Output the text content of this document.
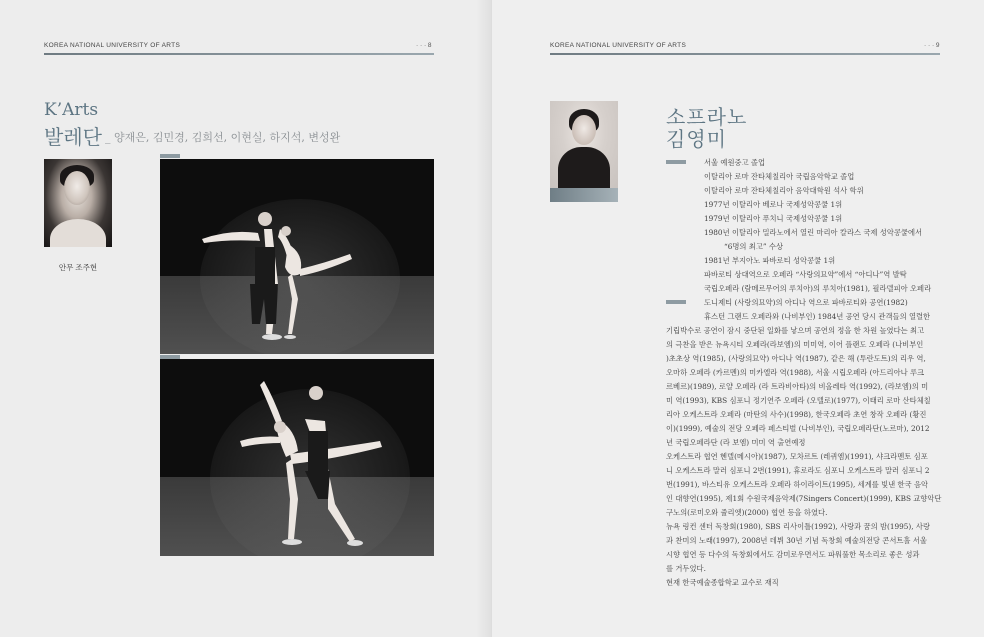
KOREA NATIONAL UNIVERSITY OF ARTS	· · · 8
K’Arts
발레단 _ 양재은, 김민경, 김희선, 이현실, 하지석, 변성완
안무 조주현
KOREA NATIONAL UNIVERSITY OF ARTS	· · · 9
소프라노
김영미
서울 예원중고 졸업
이탈리아 로마 잔타체칠리아 국립음악학교 졸업
이탈리아 로마 잔타체칠리아 음악대학원 석사 학위
1977년 이탈리아 베로나 국제성악콩쿨 1위
1979년 이탈리아 푸치니 국제성악콩쿨 1위
1980년 이탈리아 밀라노에서 열린 마리아 칼라스 국제 성악콩쿨에서
“6명의 최고” 수상
1981년 부지아노 파바로티 성악콩쿨 1위
파바로티 상대역으로 오페라 “사랑의묘약”에서 “아디나”역 발탁
국립오페라 (람메르무어의 루치아)의 루치아(1981), 필라델피아 오페라
도니제티 (사랑의묘약)의 아디나 역으로 파바로티와 공연(1982)
휴스턴 그랜드 오페라와 (나비부인) 1984년 공연 당시 관객들의 열렬한
기립박수로 공연이 잠시 중단된 일화를 낳으며 공연의 정을 한 차원 높였다는 최고
의 극찬을 받은 뉴욕시티 오페라(라보엠)의 미미역, 이어 플랜도 오페라 (나비부인
)초초상 역(1985), (사랑의묘약) 아디나 역(1987), 같은 해 (투란도트)의 리우 역,
오마하 오페라 (카르멘)의 미카엘라 역(1988), 서울 시립오페라 (아드리아나 루크
르베르)(1989), 로얄 오페라 (라 트라비아타)의 비올레타 역(1992), (라보엠)의 미
미 역(1993), KBS 심포니 정기연주 오페라 (오텔로)(1977), 이태리 로마 산타체칠
리아 오케스트라 오페라 (마탄의 사수)(1998), 한국오페라 초연 창작 오페라 (황진
이)(1999), 예술의 전당 오페라 페스티벌 (나비부인), 국립오페라단(노르마), 2012
년 국립오페라단 (라 보엠) 미미 역 출연예정
오케스트라 협연 헨델(메시아)(1987), 모차르트 (레퀴엠)(1991), 샤크라멘토 심포
니 오케스트라 말러 심포니 2번(1991), 휴로라도 심포니 오케스트라 말러 심포니 2
번(1991), 바스티유 오케스트라 오페라 하이라이트(1995), 세계를 빛낸 한국 음악
인 대향연(1995), 제1회 수원국제음악제(7Singers Concert)(1999), KBS 교향악단
구노의(로미오와 쥴리엣)(2000) 협연 등을 하였다.
뉴욕 링컨 센터 독창회(1980), SBS 리사이틀(1992), 사랑과 꿈의 밤(1995), 사랑
과 찬미의 노래(1997), 2008년 데뷔 30년 기념 독창회 예술의전당 콘서트홀 서울
시향 협연 등 다수의 독창회에서도 감미로우면서도 파워풀한 목소리로 좋은 성과
를 거두었다.
현재 한국예술종합학교 교수로 재직
